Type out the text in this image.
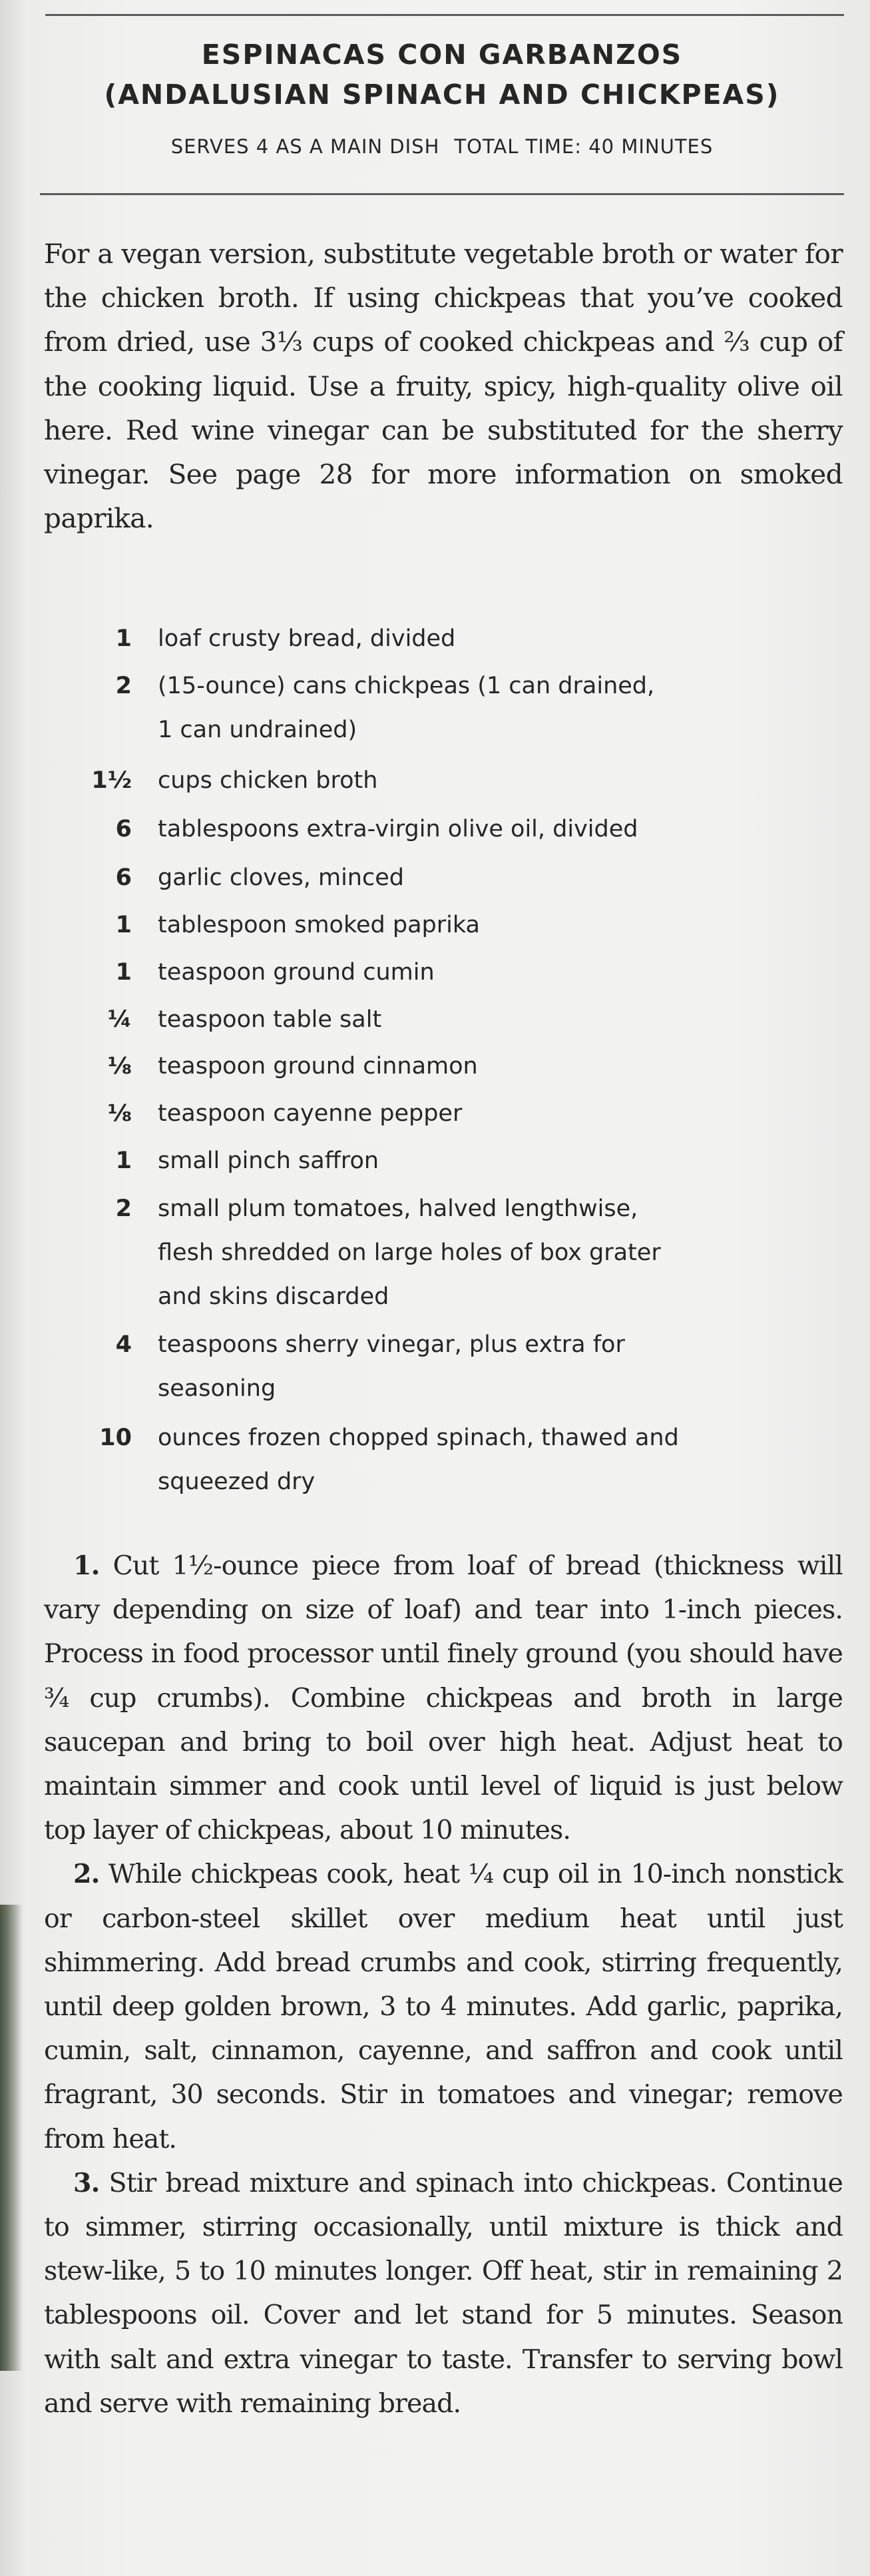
ESPINACAS CON GARBANZOS
(ANDALUSIAN SPINACH AND CHICKPEAS)
SERVES 4 AS A MAIN DISH TOTAL TIME: 40 MINUTES

For a vegan version, substitute vegetable broth or water for the chicken broth. If using chickpeas that you’ve cooked from dried, use 3⅓ cups of cooked chickpeas and ⅔ cup of the cooking liquid. Use a fruity, spicy, high-quality olive oil here. Red wine vinegar can be substituted for the sherry vinegar. See page 28 for more information on smoked paprika.

1 loaf crusty bread, divided
2 (15-ounce) cans chickpeas (1 can drained,
1 can undrained)
1½ cups chicken broth
6 tablespoons extra-virgin olive oil, divided
6 garlic cloves, minced
1 tablespoon smoked paprika
1 teaspoon ground cumin
¼ teaspoon table salt
⅛ teaspoon ground cinnamon
⅛ teaspoon cayenne pepper
1 small pinch saffron
2 small plum tomatoes, halved lengthwise,
flesh shredded on large holes of box grater
and skins discarded
4 teaspoons sherry vinegar, plus extra for
seasoning
10 ounces frozen chopped spinach, thawed and
squeezed dry

1. Cut 1½-ounce piece from loaf of bread (thickness will vary depending on size of loaf) and tear into 1-inch pieces. Process in food processor until finely ground (you should have ¾ cup crumbs). Combine chickpeas and broth in large saucepan and bring to boil over high heat. Adjust heat to maintain simmer and cook until level of liquid is just below top layer of chickpeas, about 10 minutes.

2. While chickpeas cook, heat ¼ cup oil in 10-inch nonstick or carbon-steel skillet over medium heat until just shimmering. Add bread crumbs and cook, stirring frequently, until deep golden brown, 3 to 4 minutes. Add garlic, paprika, cumin, salt, cinnamon, cayenne, and saffron and cook until fragrant, 30 seconds. Stir in tomatoes and vinegar; remove from heat.

3. Stir bread mixture and spinach into chickpeas. Continue to simmer, stirring occasionally, until mixture is thick and stew-like, 5 to 10 minutes longer. Off heat, stir in remaining 2 tablespoons oil. Cover and let stand for 5 minutes. Season with salt and extra vinegar to taste. Transfer to serving bowl and serve with remaining bread.
